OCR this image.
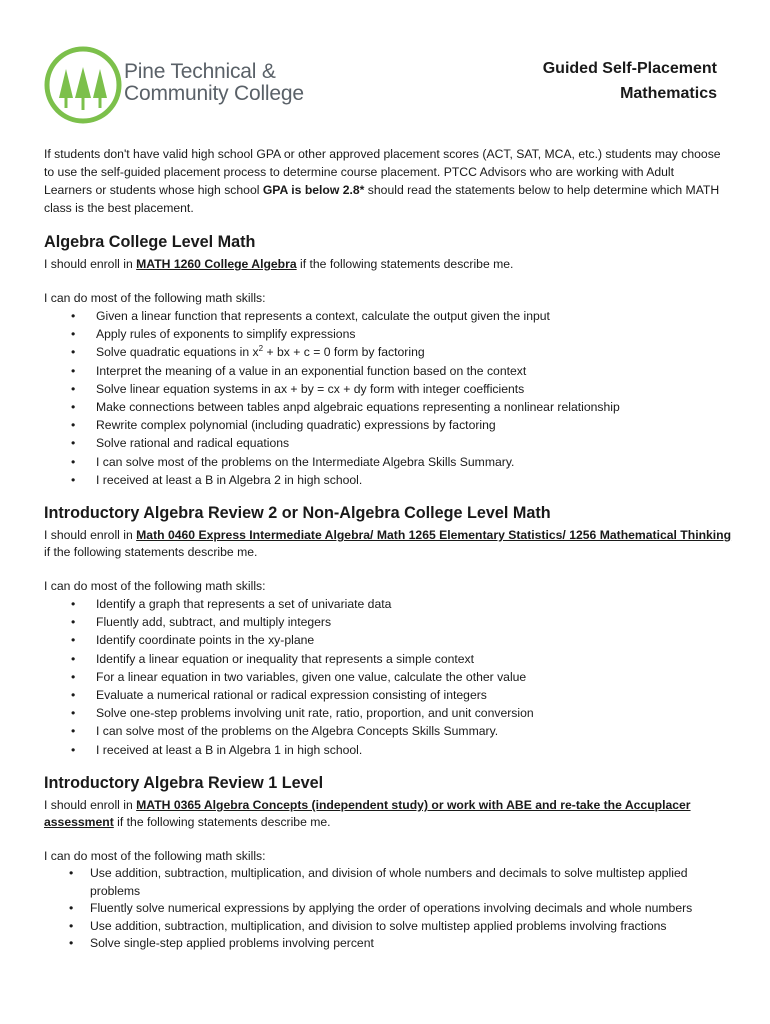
Pine Technical &
Community College
Guided Self-Placement
Mathematics

If students don't have valid high school GPA or other approved placement scores (ACT, SAT, MCA, etc.) students may choose to use the self-guided placement process to determine course placement. PTCC Advisors who are working with Adult Learners or students whose high school GPA is below 2.8* should read the statements below to help determine which MATH class is the best placement.

Algebra College Level Math

I should enroll in MATH 1260 College Algebra if the following statements describe me.

I can do most of the following math skills:

• Given a linear function that represents a context, calculate the output given the input
• Apply rules of exponents to simplify expressions
• Solve quadratic equations in $x^2$ + bx + c = 0 form by factoring
• Interpret the meaning of a value in an exponential function based on the context
• Solve linear equation systems in ax + by = cx + dy form with integer coefficients
• Make connections between tables anpd algebraic equations representing a nonlinear relationship
• Rewrite complex polynomial (including quadratic) expressions by factoring
• Solve rational and radical equations
• I can solve most of the problems on the Intermediate Algebra Skills Summary.
• I received at least a B in Algebra 2 in high school.
Introductory Algebra Review 2 or Non-Algebra College Level Math

I should enroll in Math 0460 Express Intermediate Algebra/ Math 1265 Elementary Statistics/ 1256 Mathematical Thinking if the following statements describe me.

I can do most of the following math skills:

• Identify a graph that represents a set of univariate data
• Fluently add, subtract, and multiply integers
• Identify coordinate points in the xy-plane
• Identify a linear equation or inequality that represents a simple context
• For a linear equation in two variables, given one value, calculate the other value
• Evaluate a numerical rational or radical expression consisting of integers
• Solve one-step problems involving unit rate, ratio, proportion, and unit conversion
• I can solve most of the problems on the Algebra Concepts Skills Summary.
• I received at least a B in Algebra 1 in high school.
Introductory Algebra Review 1 Level

I should enroll in MATH 0365 Algebra Concepts (independent study) or work with ABE and re-take the Accuplacer assessment if the following statements describe me.

I can do most of the following math skills:

• Use addition, subtraction, multiplication, and division of whole numbers and decimals to solve multistep applied problems
• Fluently solve numerical expressions by applying the order of operations involving decimals and whole numbers
• Use addition, subtraction, multiplication, and division to solve multistep applied problems involving fractions
• Solve single-step applied problems involving percent
